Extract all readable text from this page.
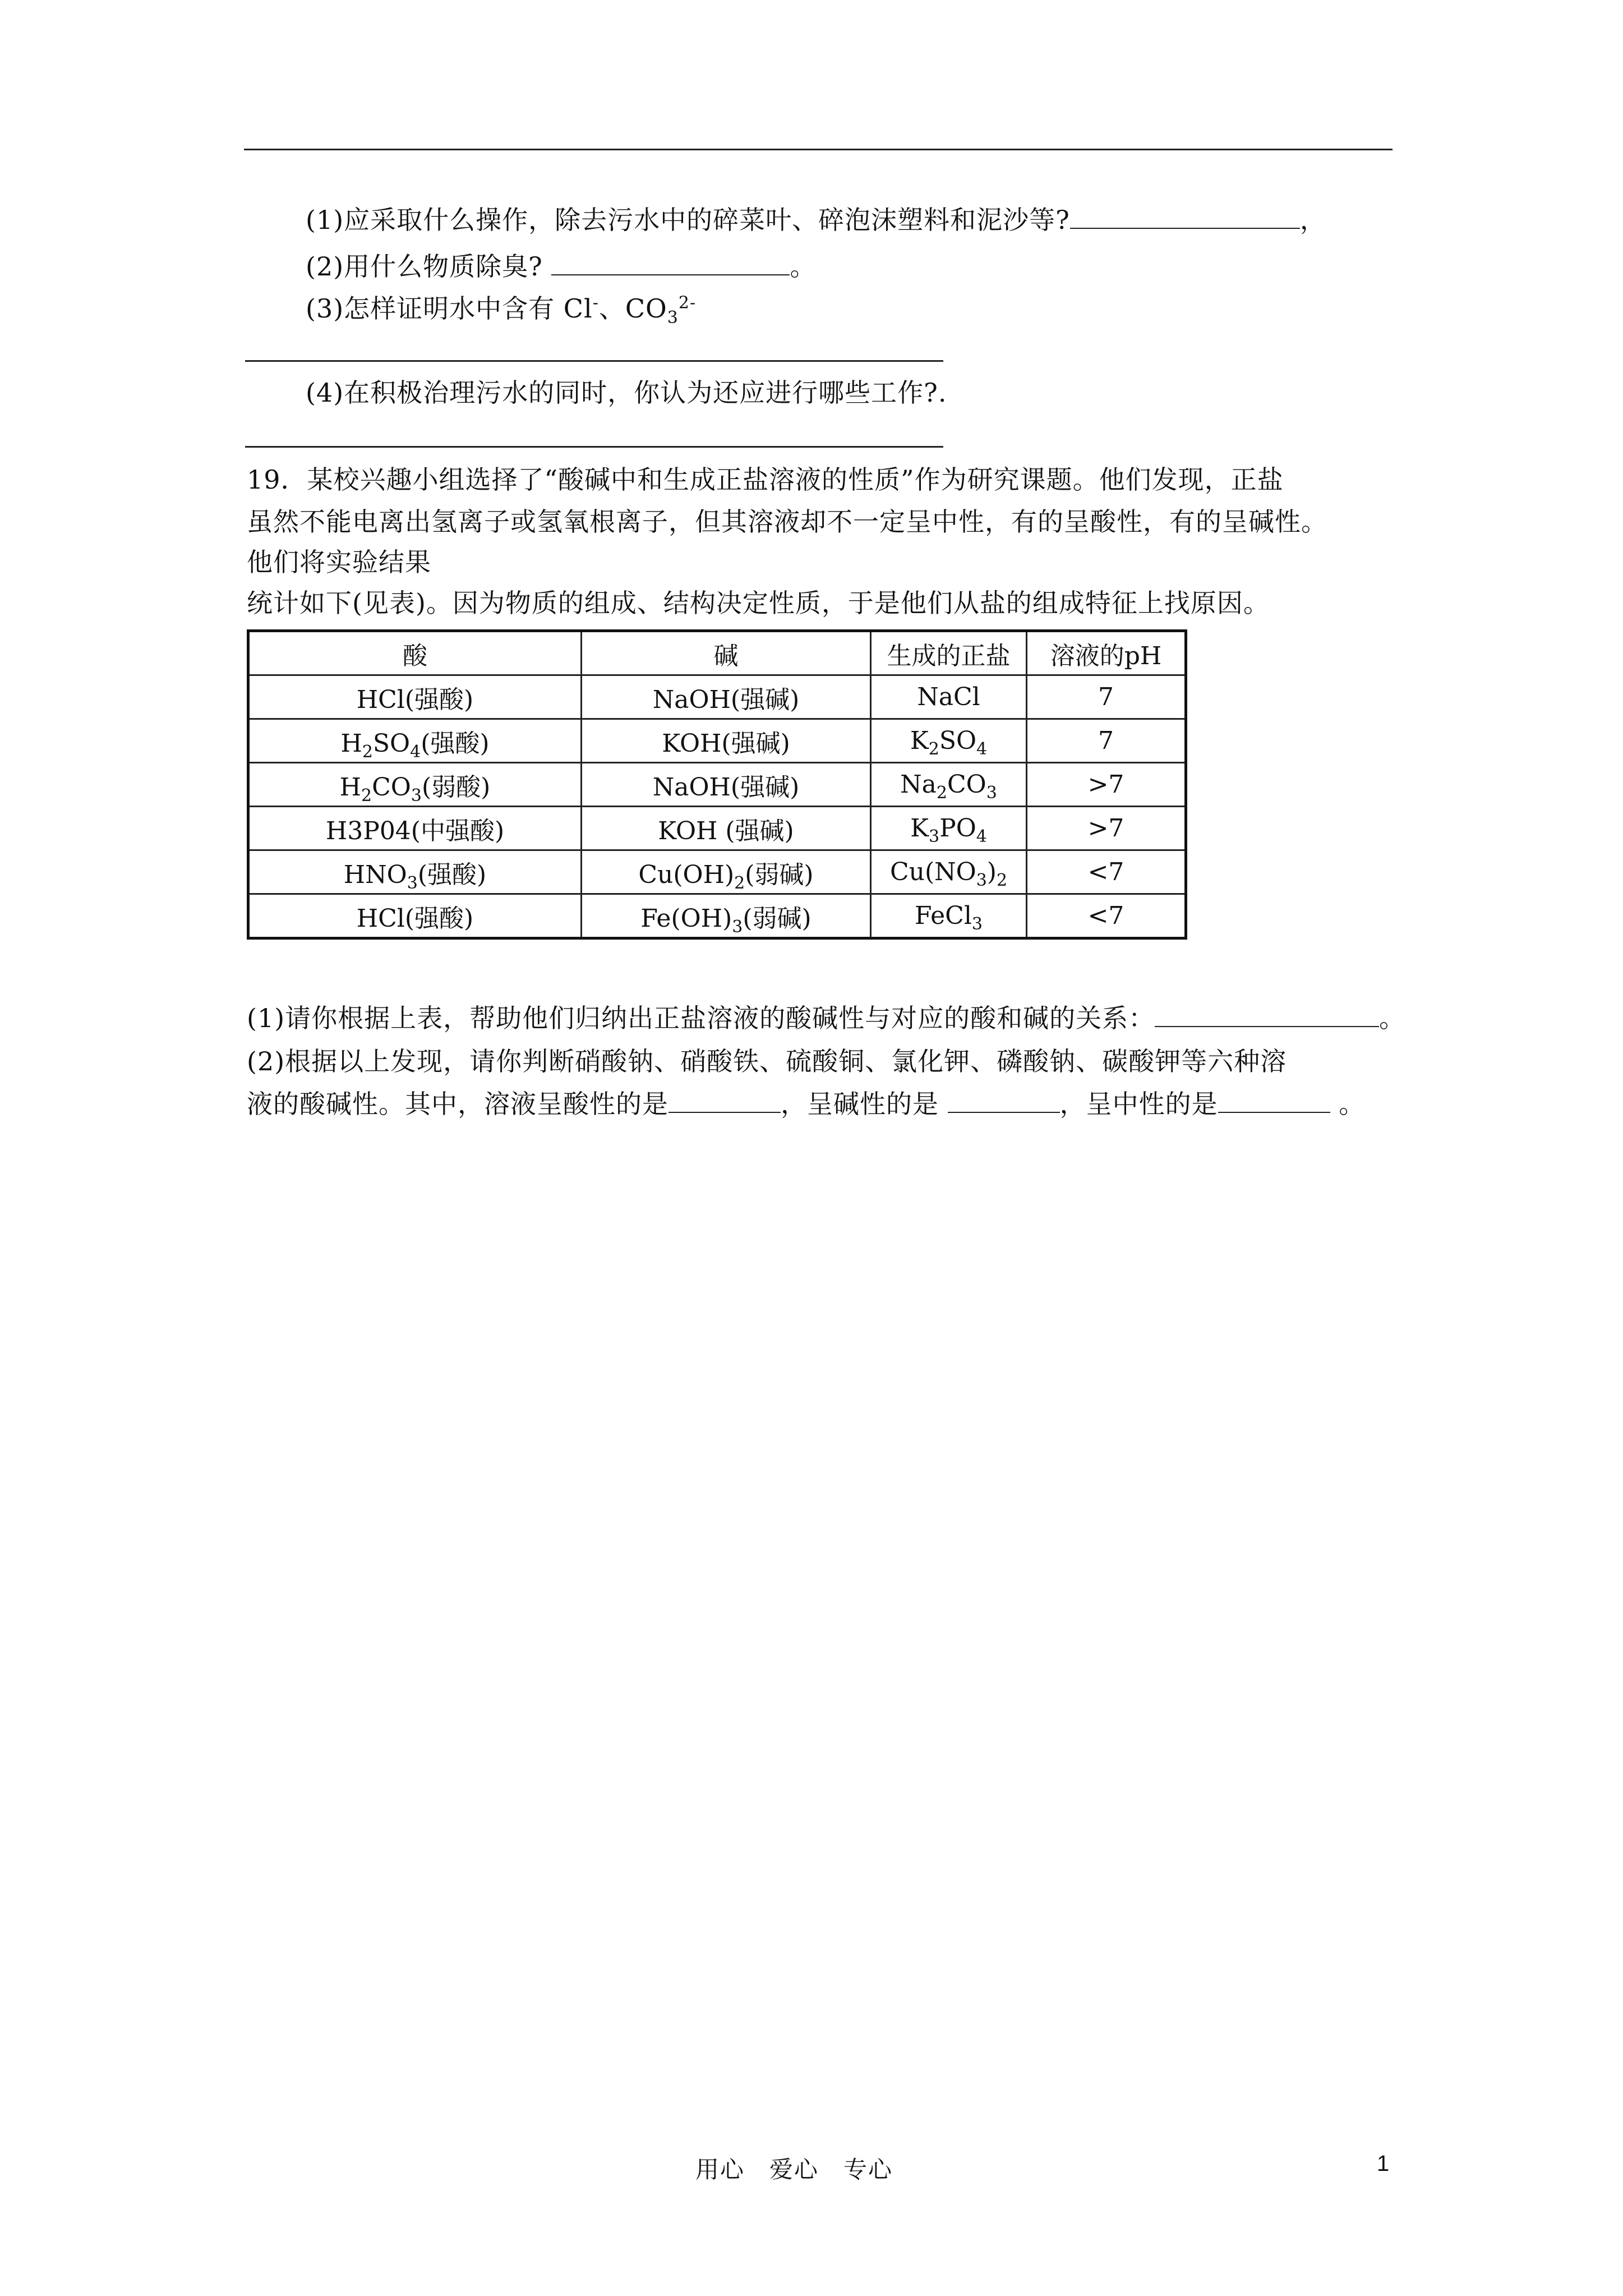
(1)应采取什么操作，除去污水中的碎菜叶、碎泡沫塑料和泥沙等?	，
(2)用什么物质除臭?	。
(3)怎样证明水中含有 Cl-、$CO_3^{2-}$
(4)在积极治理污水的同时，你认为还应进行哪些工作?.
19．某校兴趣小组选择了“酸碱中和生成正盐溶液的性质”作为研究课题。他们发现，正盐
虽然不能电离出氢离子或氢氧根离子，但其溶液却不一定呈中性，有的呈酸性，有的呈碱性。
他们将实验结果
统计如下(见表)。因为物质的组成、结构决定性质，于是他们从盐的组成特征上找原因。
酸	碱	生成的正盐	溶液的pH
HCl(强酸)	NaOH(强碱)	NaCl	7
$H_2SO_4$(强酸)	KOH(强碱)	$K_2SO_4$	7
$H_2CO_3$(弱酸)	NaOH(强碱)	$Na_2CO_3$	>7
H3P04(中强酸)	KOH (强碱)	$K_3PO_4$	>7
$HNO_3$(强酸)	$Cu(OH)_2$(弱碱)	$Cu(NO_3)_2$	<7
HCl(强酸)	$Fe(OH)_3$(弱碱)	FeCl$_3$	<7
(1)请你根据上表，帮助他们归纳出正盐溶液的酸碱性与对应的酸和碱的关系：	。
(2)根据以上发现，请你判断硝酸钠、硝酸铁、硫酸铜、氯化钾、磷酸钠、碳酸钾等六种溶
液的酸碱性。其中，溶液呈酸性的是	，呈碱性的是	，呈中性的是	。
用心　爱心　专心	1
